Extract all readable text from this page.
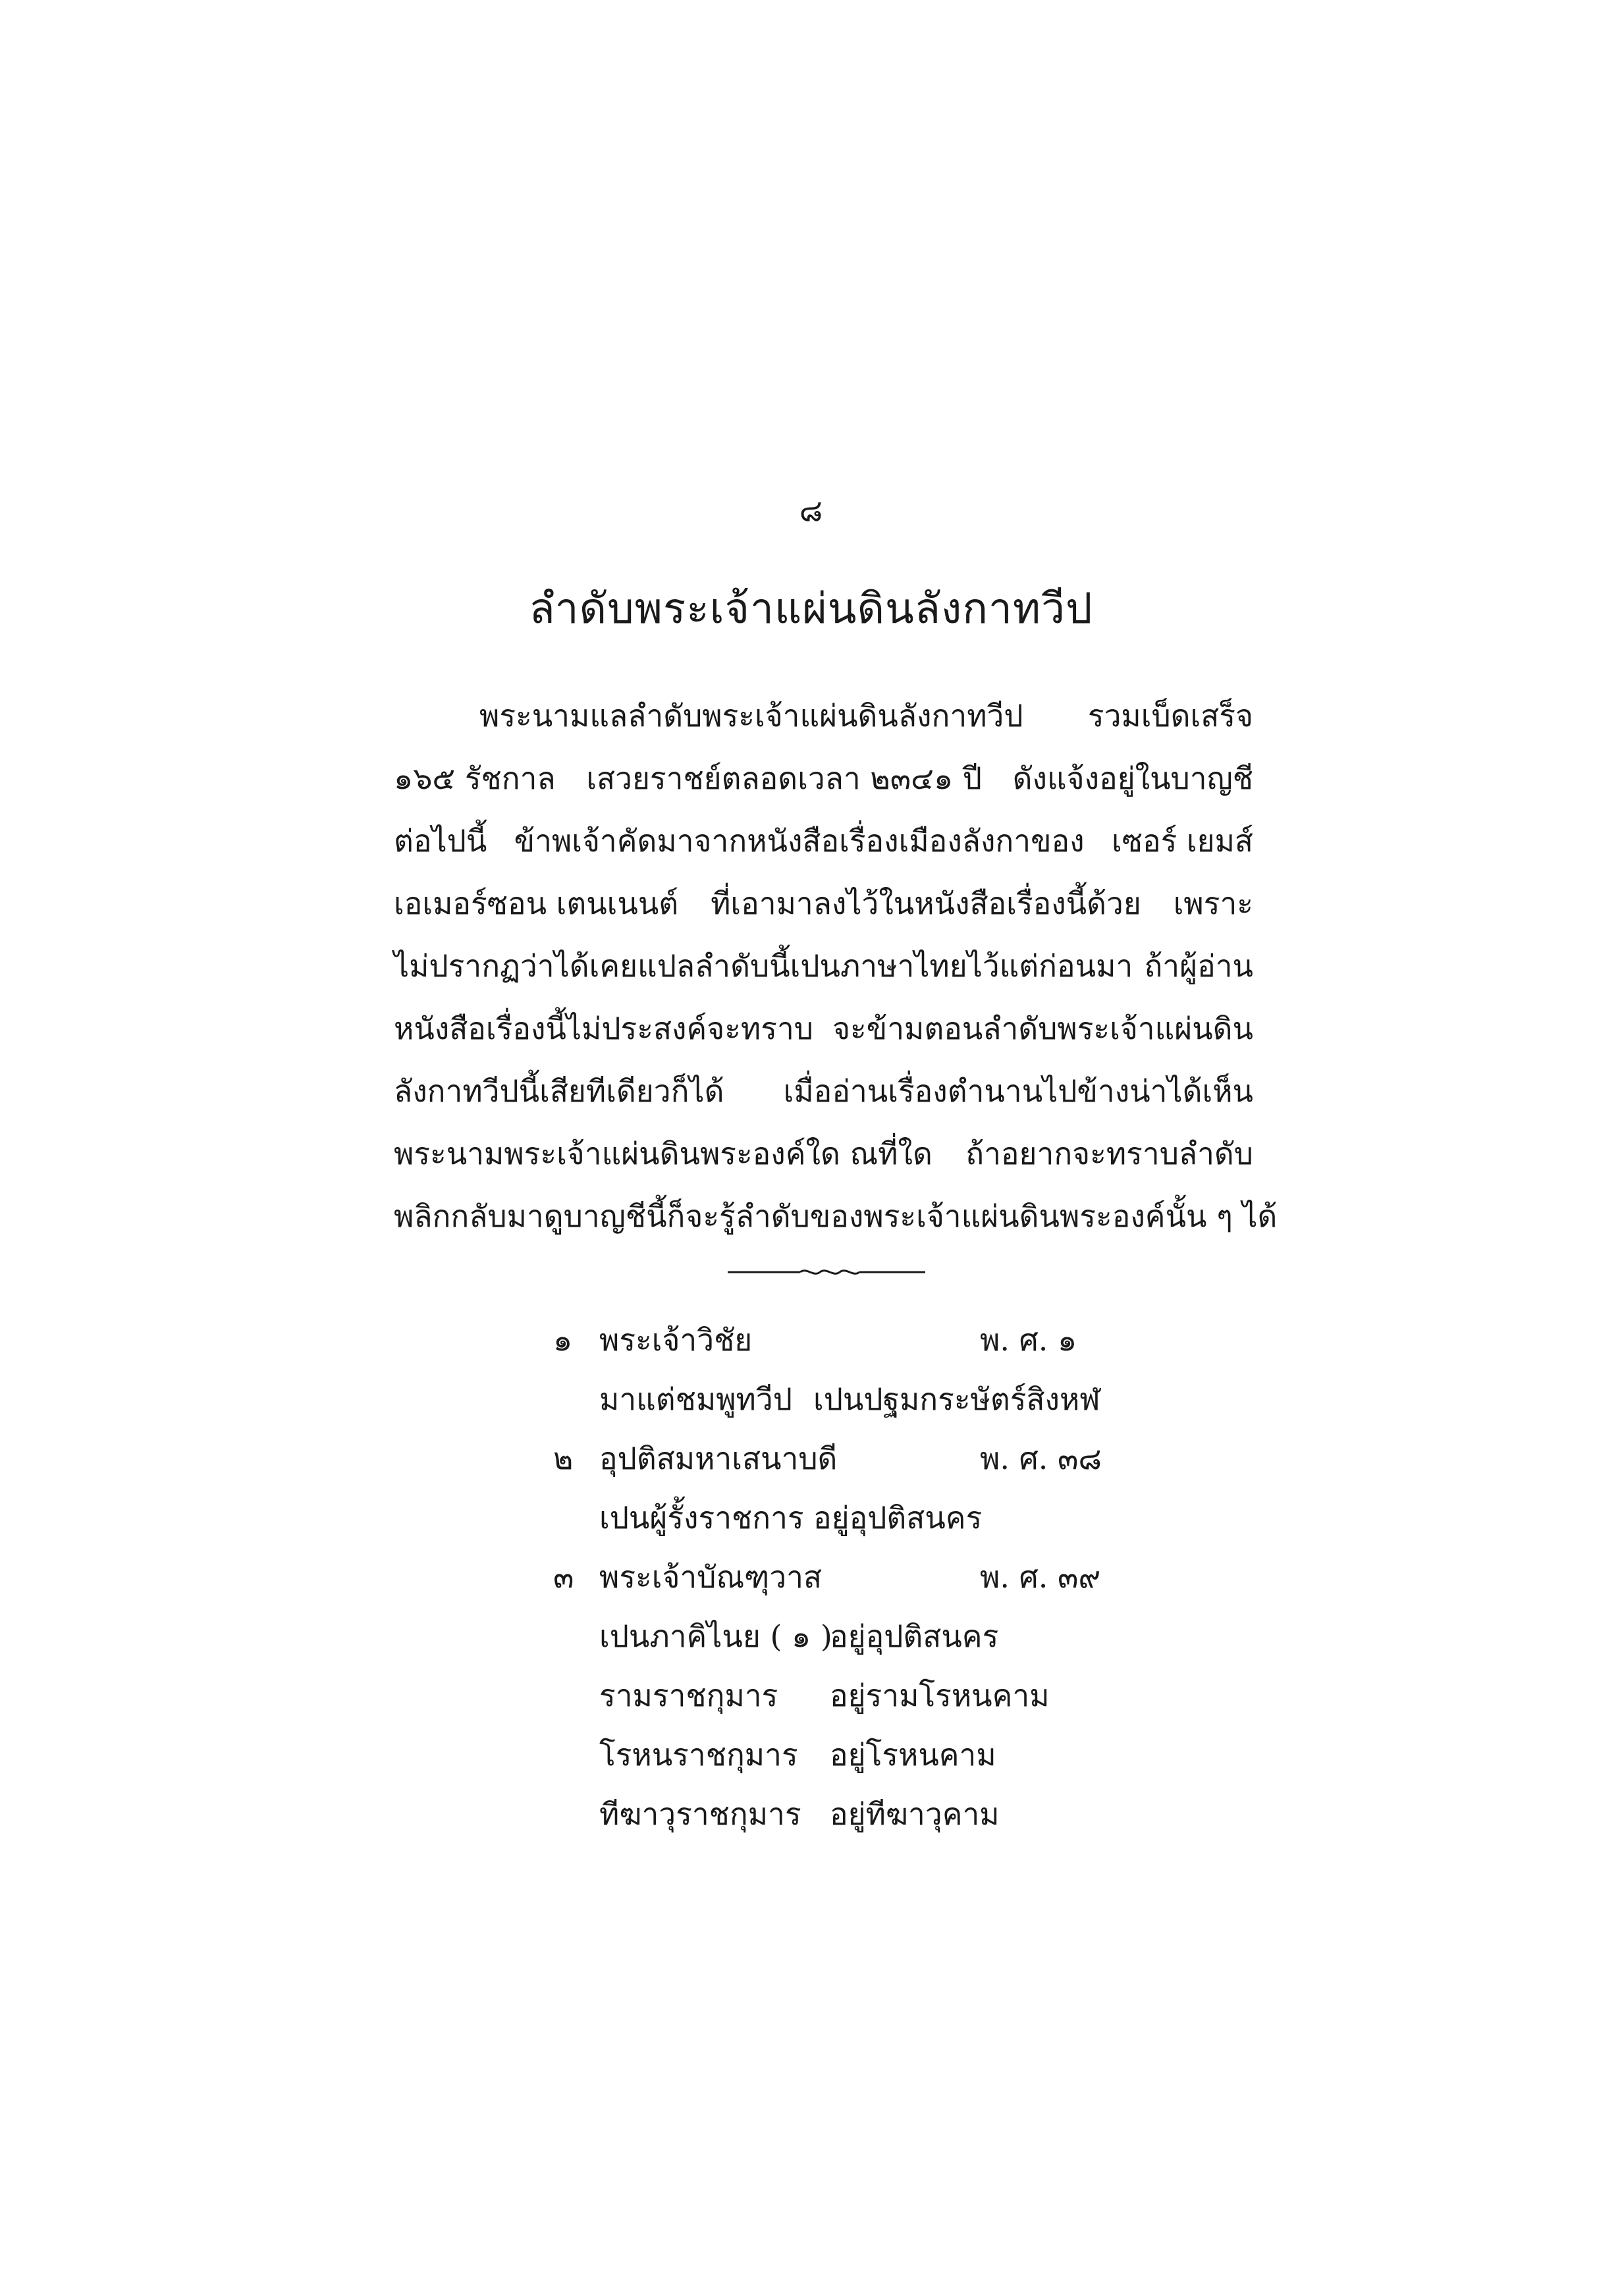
๘
ลำดับพระเจ้าแผ่นดินลังกาทวีป
พระนามแลลำดับพระเจ้าแผ่นดินลังกาทวีป รวมเบ็ดเสร็จ
๑๖๕ รัชกาล เสวยราชย์ตลอดเวลา ๒๓๔๑ ปี ดังแจ้งอยู่ในบาญชี
ต่อไปนี้ ข้าพเจ้าคัดมาจากหนังสือเรื่องเมืองลังกาของ เซอร์ เยมส์
เอเมอร์ซอน เตนเนนต์ ที่เอามาลงไว้ในหนังสือเรื่องนี้ด้วย เพราะ
ไม่ปรากฏว่าได้เคยแปลลำดับนี้เปนภาษาไทยไว้แต่ก่อนมา ถ้าผู้อ่าน
หนังสือเรื่องนี้ไม่ประสงค์จะทราบ จะข้ามตอนลำดับพระเจ้าแผ่นดิน
ลังกาทวีปนี้เสียทีเดียวก็ได้ เมื่ออ่านเรื่องตำนานไปข้างน่าได้เห็น
พระนามพระเจ้าแผ่นดินพระองค์ใด ณที่ใด ถ้าอยากจะทราบลำดับ
พลิกกลับมาดูบาญชีนี้ ก็จะรู้ลำดับของพระเจ้าแผ่นดินพระองค์นั้น ๆ ได้
๑ พระเจ้าวิชัย	พ. ศ. ๑
มาแต่ชมพูทวีป เปนปฐมกระษัตร์สิงหฬ
๒ อุปติสมหาเสนาบดี	พ. ศ. ๓๘
เปนผู้รั้งราชการ อยู่อุปติสนคร
๓ พระเจ้าบัณฑุวาส	พ. ศ. ๓๙
เปนภาคิไนย ( ๑ )
อยู่อุปติสนคร
รามราชกุมาร อยู่รามโรหนคาม
โรหนราชกุมาร อยู่โรหนคาม
ทีฆาวุราชกุมาร อยู่ทีฆาวุคาม
